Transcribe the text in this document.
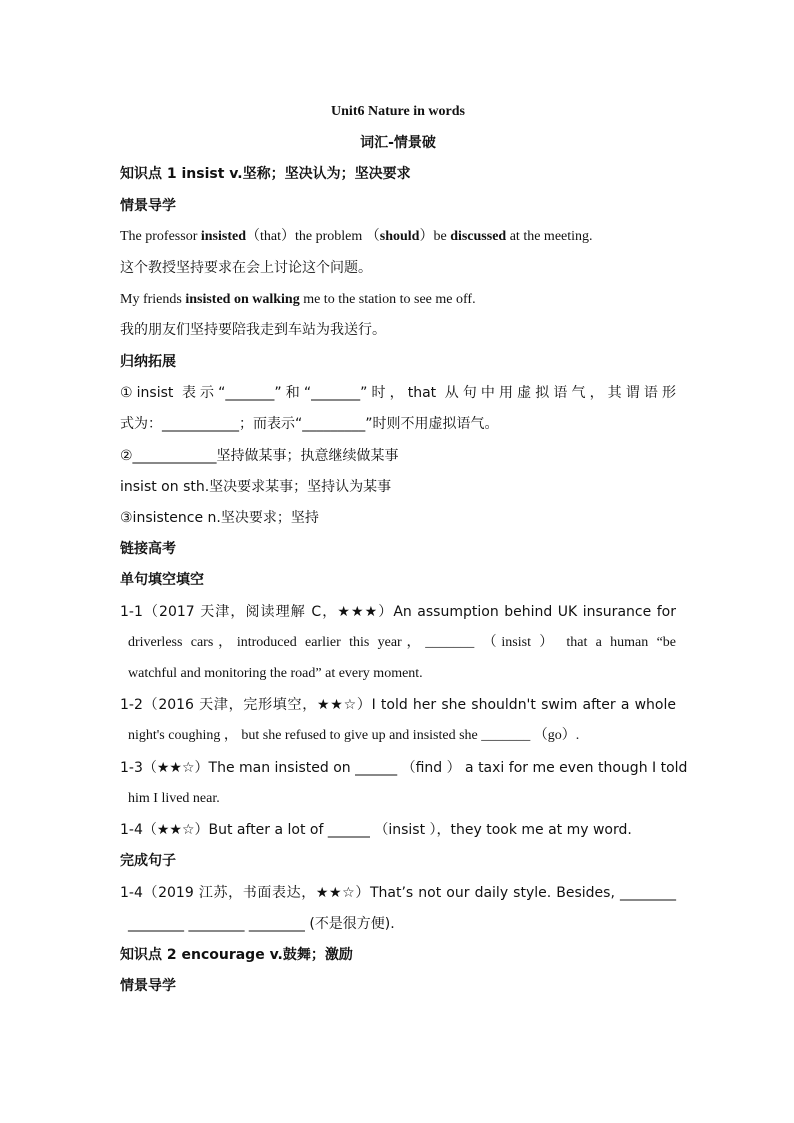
Unit6 Nature in words
词汇-情景破
知识点 1 insist v.坚称；坚决认为；坚决要求
情景导学
The professor insisted（that）the problem （should）be discussed at the meeting.
这个教授坚持要求在会上讨论这个问题。
My friends insisted on walking me to the station to see me off.
我的朋友们坚持要陪我走到车站为我送行。
归纳拓展
①insist 表示“_______”和“_______”时，that 从句中用虚拟语气，其谓语形
式为：___________；而表示“_________”时则不用虚拟语气。
②____________坚持做某事；执意继续做某事
insist on sth.坚决要求某事；坚持认为某事
③insistence n.坚决要求；坚持
链接高考
单句填空填空
1-1（2017 天津，阅读理解 C，★★★）An assumption behind UK insurance for
driverless cars，introduced earlier this year，_______ （insist ） that a human “be
watchful and monitoring the road” at every moment.
1-2（2016 天津，完形填空，★★☆）I told her she shouldn't swim after a whole
night's coughing ， but she refused to give up and insisted she _______ （go）.
1-3（★★☆）The man insisted on ______ （find ） a taxi for me even though I told
him I lived near.
1-4（★★☆）But after a lot of ______ （insist ），they took me at my word.
完成句子
1-4（2019 江苏，书面表达，★★☆）That’s not our daily style. Besides, ________
________ ________ ________ (不是很方便).
知识点 2 encourage v.鼓舞；激励
情景导学
